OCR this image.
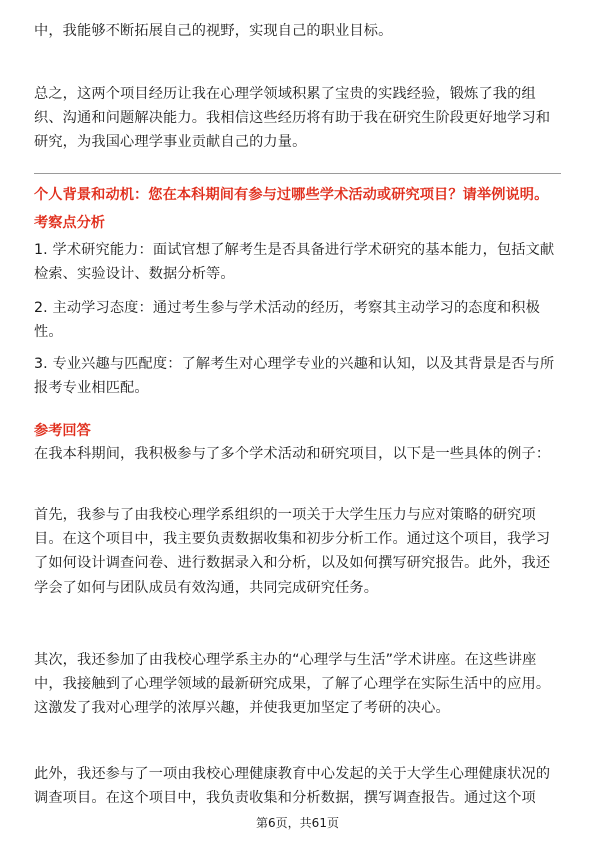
中，我能够不断拓展自己的视野，实现自己的职业目标。

总之，这两个项目经历让我在心理学领域积累了宝贵的实践经验，锻炼了我的组
织、沟通和问题解决能力。我相信这些经历将有助于我在研究生阶段更好地学习和
研究，为我国心理学事业贡献自己的力量。

个人背景和动机：您在本科期间有参与过哪些学术活动或研究项目？请举例说明。

考察点分析

1. 学术研究能力：面试官想了解考生是否具备进行学术研究的基本能力，包括文献
检索、实验设计、数据分析等。

2. 主动学习态度：通过考生参与学术活动的经历，考察其主动学习的态度和积极
性。

3. 专业兴趣与匹配度：了解考生对心理学专业的兴趣和认知，以及其背景是否与所
报考专业相匹配。

参考回答

在我本科期间，我积极参与了多个学术活动和研究项目，以下是一些具体的例子：

首先，我参与了由我校心理学系组织的一项关于大学生压力与应对策略的研究项
目。在这个项目中，我主要负责数据收集和初步分析工作。通过这个项目，我学习
了如何设计调查问卷、进行数据录入和分析，以及如何撰写研究报告。此外，我还
学会了如何与团队成员有效沟通，共同完成研究任务。

其次，我还参加了由我校心理学系主办的“心理学与生活”学术讲座。在这些讲座
中，我接触到了心理学领域的最新研究成果，了解了心理学在实际生活中的应用。
这激发了我对心理学的浓厚兴趣，并使我更加坚定了考研的决心。

此外，我还参与了一项由我校心理健康教育中心发起的关于大学生心理健康状况的
调查项目。在这个项目中，我负责收集和分析数据，撰写调查报告。通过这个项

第6页，共61页
